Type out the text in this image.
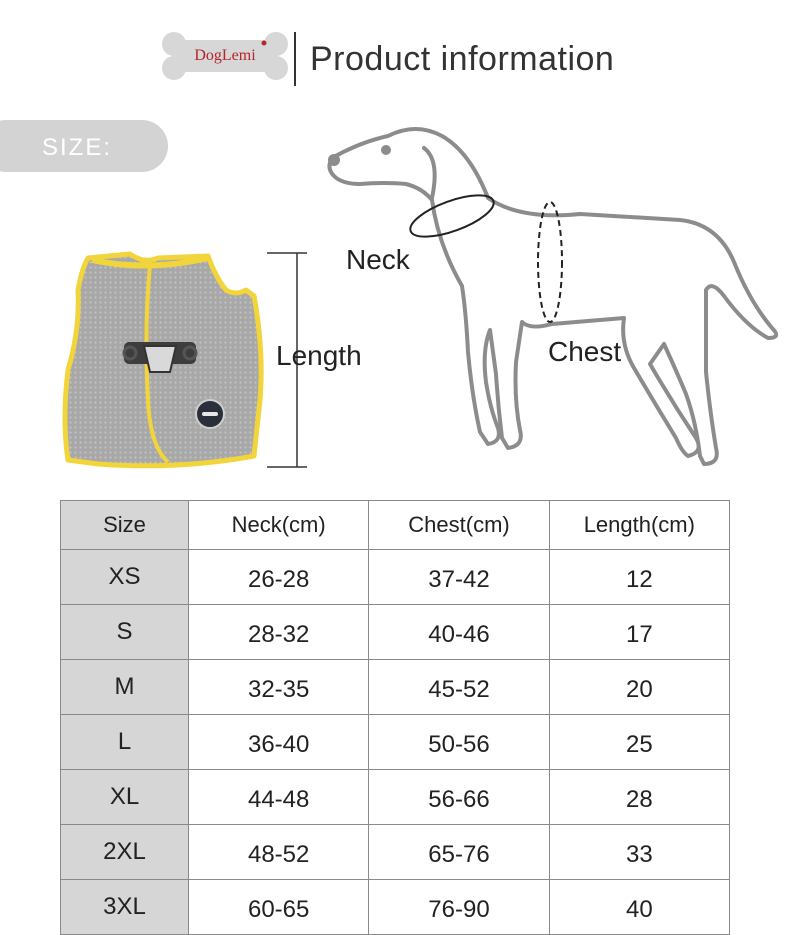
DogLemi	Product information
SIZE:
Length
Neck
Chest
Size	Neck(cm)	Chest(cm)	Length(cm)
XS	26-28	37-42	12
S	28-32	40-46	17
M	32-35	45-52	20
L	36-40	50-56	25
XL	44-48	56-66	28
2XL	48-52	65-76	33
3XL	60-65	76-90	40
